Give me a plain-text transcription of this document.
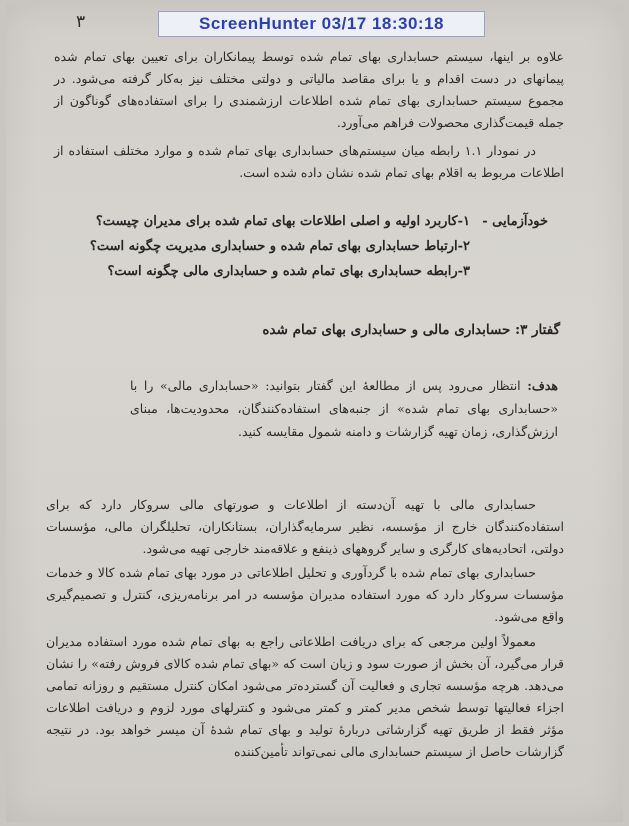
ScreenHunter 03/17 18:30:18
۳

علاوه بر اینها، سیستم حسابداری بهای تمام شده توسط پیمانکاران برای تعیین بهای تمام شده پیمانهای در دست اقدام و یا برای مقاصد مالیاتی و دولتی مختلف نیز به‌کار گرفته می‌شود. در مجموع سیستم حسابداری بهای تمام شده اطلاعات ارزشمندی را برای استفاده‌های گوناگون از جمله قیمت‌گذاری محصولات فراهم می‌آورد.

در نمودار ۱.۱ رابطه میان سیستم‌های حسابداری بهای تمام شده و موارد مختلف استفاده از اطلاعات مربوط به اقلام بهای تمام شده نشان داده شده است.

خودآزمایی -
۱-کاربرد اولیه و اصلی اطلاعات بهای تمام شده برای مدیران چیست؟
۲-ارتباط حسابداری بهای تمام شده و حسابداری مدیریت چگونه است؟
۳-رابطه حسابداری بهای تمام شده و حسابداری مالی چگونه است؟
گفتار ۳: حسابداری مالی و حسابداری بهای تمام شده
هدف: انتظار می‌رود پس از مطالعهٔ این گفتار بتوانید: «حسابداری مالی» را با «حسابداری بهای تمام شده» از جنبه‌های استفاده‌کنندگان، محدودیت‌ها، مبنای ارزش‌گذاری، زمان تهیه گزارشات و دامنه شمول مقایسه کنید.

حسابداری مالی با تهیه آن‌دسته از اطلاعات و صورتهای مالی سروکار دارد که برای استفاده‌کنندگان خارج از مؤسسه، نظیر سرمایه‌گذاران، بستانکاران، تحلیلگران مالی، مؤسسات دولتی، اتحادیه‌های کارگری و سایر گروههای ذینفع و علاقه‌مند خارجی تهیه می‌شود.

حسابداری بهای تمام شده با گردآوری و تحلیل اطلاعاتی در مورد بهای تمام شده کالا و خدمات مؤسسات سروکار دارد که مورد استفاده مدیران مؤسسه در امر برنامه‌ریزی، کنترل و تصمیم‌گیری واقع می‌شود.

معمولاً اولین مرجعی که برای دریافت اطلاعاتی راجع به بهای تمام شده مورد استفاده مدیران قرار می‌گیرد، آن بخش از صورت سود و زیان است که «بهای تمام شده کالای فروش رفته» را نشان می‌دهد. هرچه مؤسسه تجاری و فعالیت آن گسترده‌تر می‌شود امکان کنترل مستقیم و روزانه تمامی اجزاء فعالیتها توسط شخص مدیر کمتر و کمتر می‌شود و کنترلهای مورد لزوم و دریافت اطلاعات مؤثر فقط از طریق تهیه گزارشاتی دربارهٔ تولید و بهای تمام شدهٔ آن میسر خواهد بود. در نتیجه گزارشات حاصل از سیستم حسابداری مالی نمی‌تواند تأمین‌کننده
